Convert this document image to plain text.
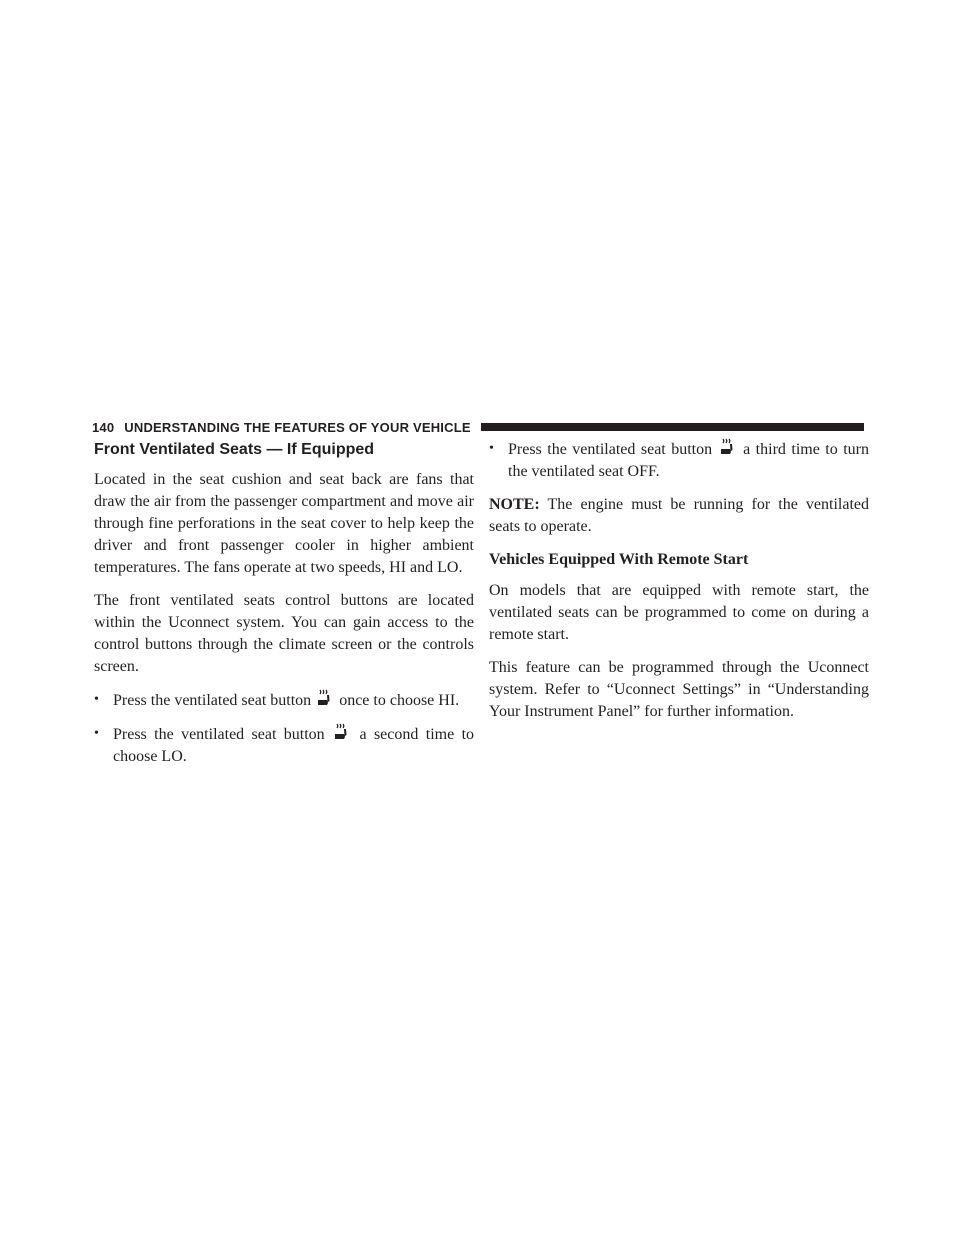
140 UNDERSTANDING THE FEATURES OF YOUR VEHICLE
Front Ventilated Seats — If Equipped

Located in the seat cushion and seat back are fans that draw the air from the passenger compartment and move air through fine perforations in the seat cover to help keep the driver and front passenger cooler in higher ambient temperatures. The fans operate at two speeds, HI and LO.

The front ventilated seats control buttons are located within the Uconnect system. You can gain access to the control buttons through the climate screen or the controls screen.

• Press the ventilated seat button once to choose HI.
• Press the ventilated seat button a second time to choose LO.
• Press the ventilated seat button a third time to turn the ventilated seat OFF.

NOTE: The engine must be running for the ventilated seats to operate.

Vehicles Equipped With Remote Start

On models that are equipped with remote start, the ventilated seats can be programmed to come on during a remote start.

This feature can be programmed through the Uconnect system. Refer to “Uconnect Settings” in “Understanding Your Instrument Panel” for further information.
